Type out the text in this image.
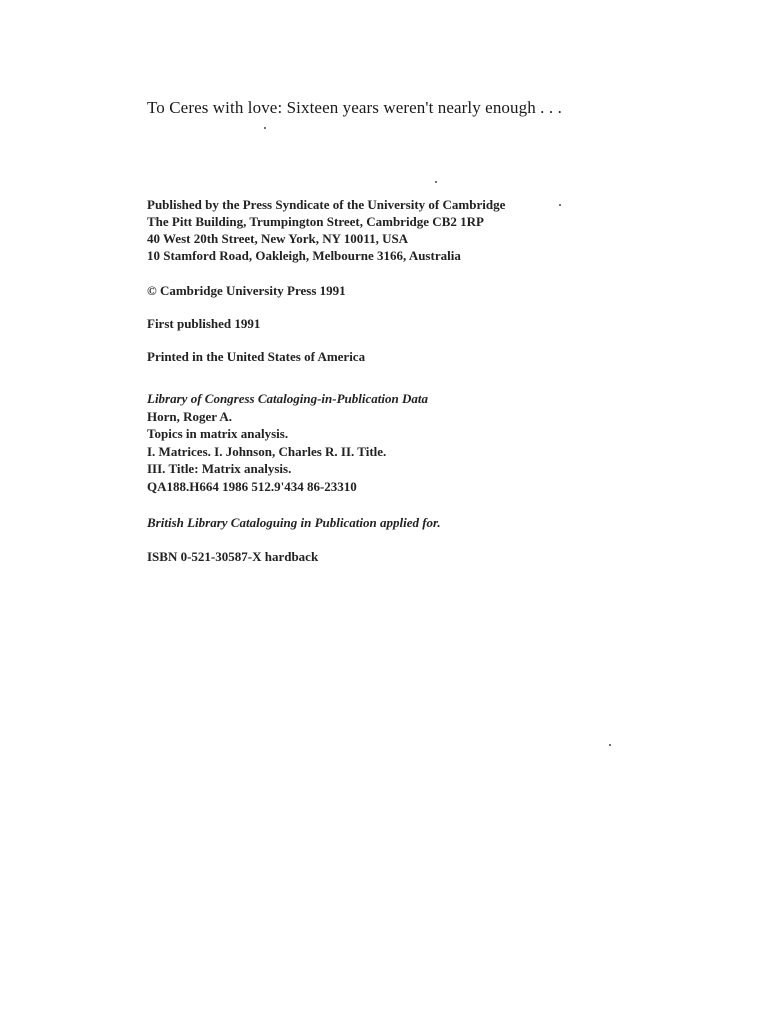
To Ceres with love: Sixteen years weren't nearly enough . . .
Published by the Press Syndicate of the University of Cambridge
The Pitt Building, Trumpington Street, Cambridge CB2 1RP
40 West 20th Street, New York, NY 10011, USA
10 Stamford Road, Oakleigh, Melbourne 3166, Australia
© Cambridge University Press 1991
First published 1991
Printed in the United States of America
Library of Congress Cataloging-in-Publication Data
Horn, Roger A.
Topics in matrix analysis.
I. Matrices. I. Johnson, Charles R. II. Title.
III. Title: Matrix analysis.
QA188.H664 1986 512.9'434 86-23310
British Library Cataloguing in Publication applied for.
ISBN 0-521-30587-X hardback
